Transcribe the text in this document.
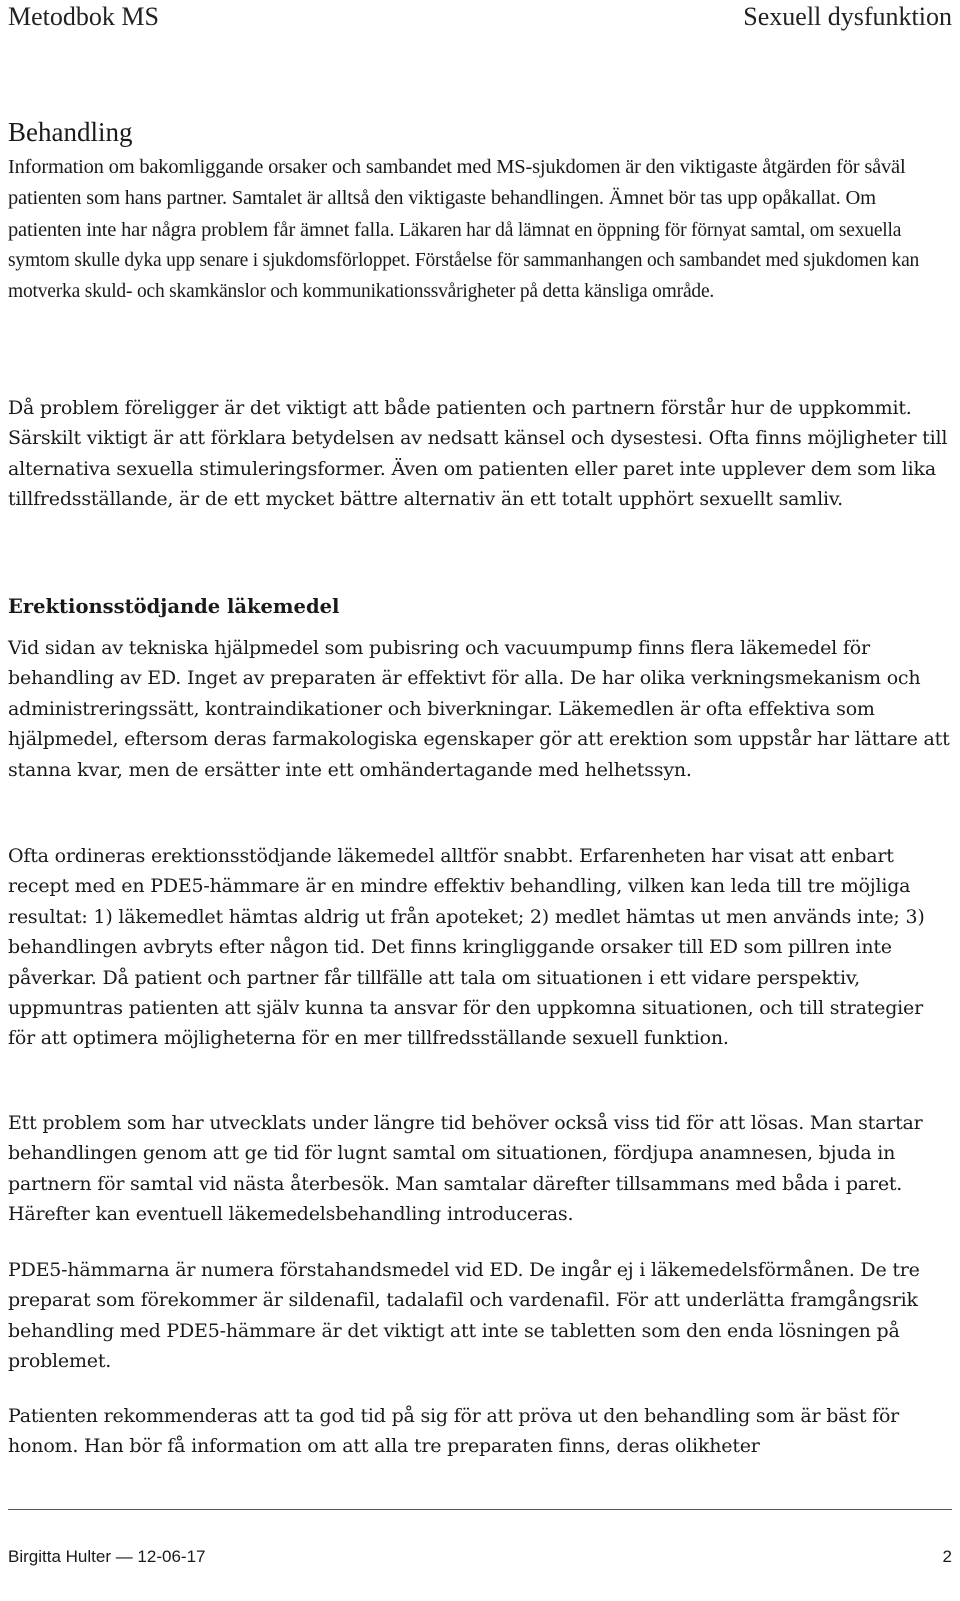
Metodbok MS	Sexuell dysfunktion
Behandling

Information om bakomliggande orsaker och sambandet med MS-sjukdomen är den viktigaste åtgärden för såväl patienten som hans partner. Samtalet är alltså den viktigaste behandlingen. Ämnet bör tas upp opåkallat. Om patienten inte har några problem får ämnet falla. Läkaren har då lämnat en öppning för förnyat samtal, om sexuella symtom skulle dyka upp senare i sjukdomsförloppet. Förståelse för sammanhangen och sambandet med sjukdomen kan motverka skuld- och skamkänslor och kommunikationssvårigheter på detta känsliga område.

Då problem föreligger är det viktigt att både patienten och partnern förstår hur de uppkommit. Särskilt viktigt är att förklara betydelsen av nedsatt känsel och dysestesi. Ofta finns möjligheter till alternativa sexuella stimuleringsformer. Även om patienten eller paret inte upplever dem som lika tillfredsställande, är de ett mycket bättre alternativ än ett totalt upphört sexuellt samliv.

Erektionsstödjande läkemedel

Vid sidan av tekniska hjälpmedel som pubisring och vacuumpump finns flera läkemedel för behandling av ED. Inget av preparaten är effektivt för alla. De har olika verkningsmekanism och administreringssätt, kontraindikationer och biverkningar. Läkemedlen är ofta effektiva som hjälpmedel, eftersom deras farmakologiska egenskaper gör att erektion som uppstår har lättare att stanna kvar, men de ersätter inte ett omhändertagande med helhetssyn.

Ofta ordineras erektionsstödjande läkemedel alltför snabbt. Erfarenheten har visat att enbart recept med en PDE5-hämmare är en mindre effektiv behandling, vilken kan leda till tre möjliga resultat: 1) läkemedlet hämtas aldrig ut från apoteket; 2) medlet hämtas ut men används inte; 3) behandlingen avbryts efter någon tid. Det finns kringliggande orsaker till ED som pillren inte påverkar. Då patient och partner får tillfälle att tala om situationen i ett vidare perspektiv, uppmuntras patienten att själv kunna ta ansvar för den uppkomna situationen, och till strategier för att optimera möjligheterna för en mer tillfredsställande sexuell funktion.

Ett problem som har utvecklats under längre tid behöver också viss tid för att lösas. Man startar behandlingen genom att ge tid för lugnt samtal om situationen, fördjupa anamnesen, bjuda in partnern för samtal vid nästa återbesök. Man samtalar därefter tillsammans med båda i paret. Härefter kan eventuell läkemedelsbehandling introduceras.

PDE5-hämmarna är numera förstahandsmedel vid ED. De ingår ej i läkemedelsförmånen. De tre preparat som förekommer är sildenafil, tadalafil och vardenafil. För att underlätta framgångsrik behandling med PDE5-hämmare är det viktigt att inte se tabletten som den enda lösningen på problemet.

Patienten rekommenderas att ta god tid på sig för att pröva ut den behandling som är bäst för honom. Han bör få information om att alla tre preparaten finns, deras olikheter

Birgitta Hulter — 12-06-17	2
